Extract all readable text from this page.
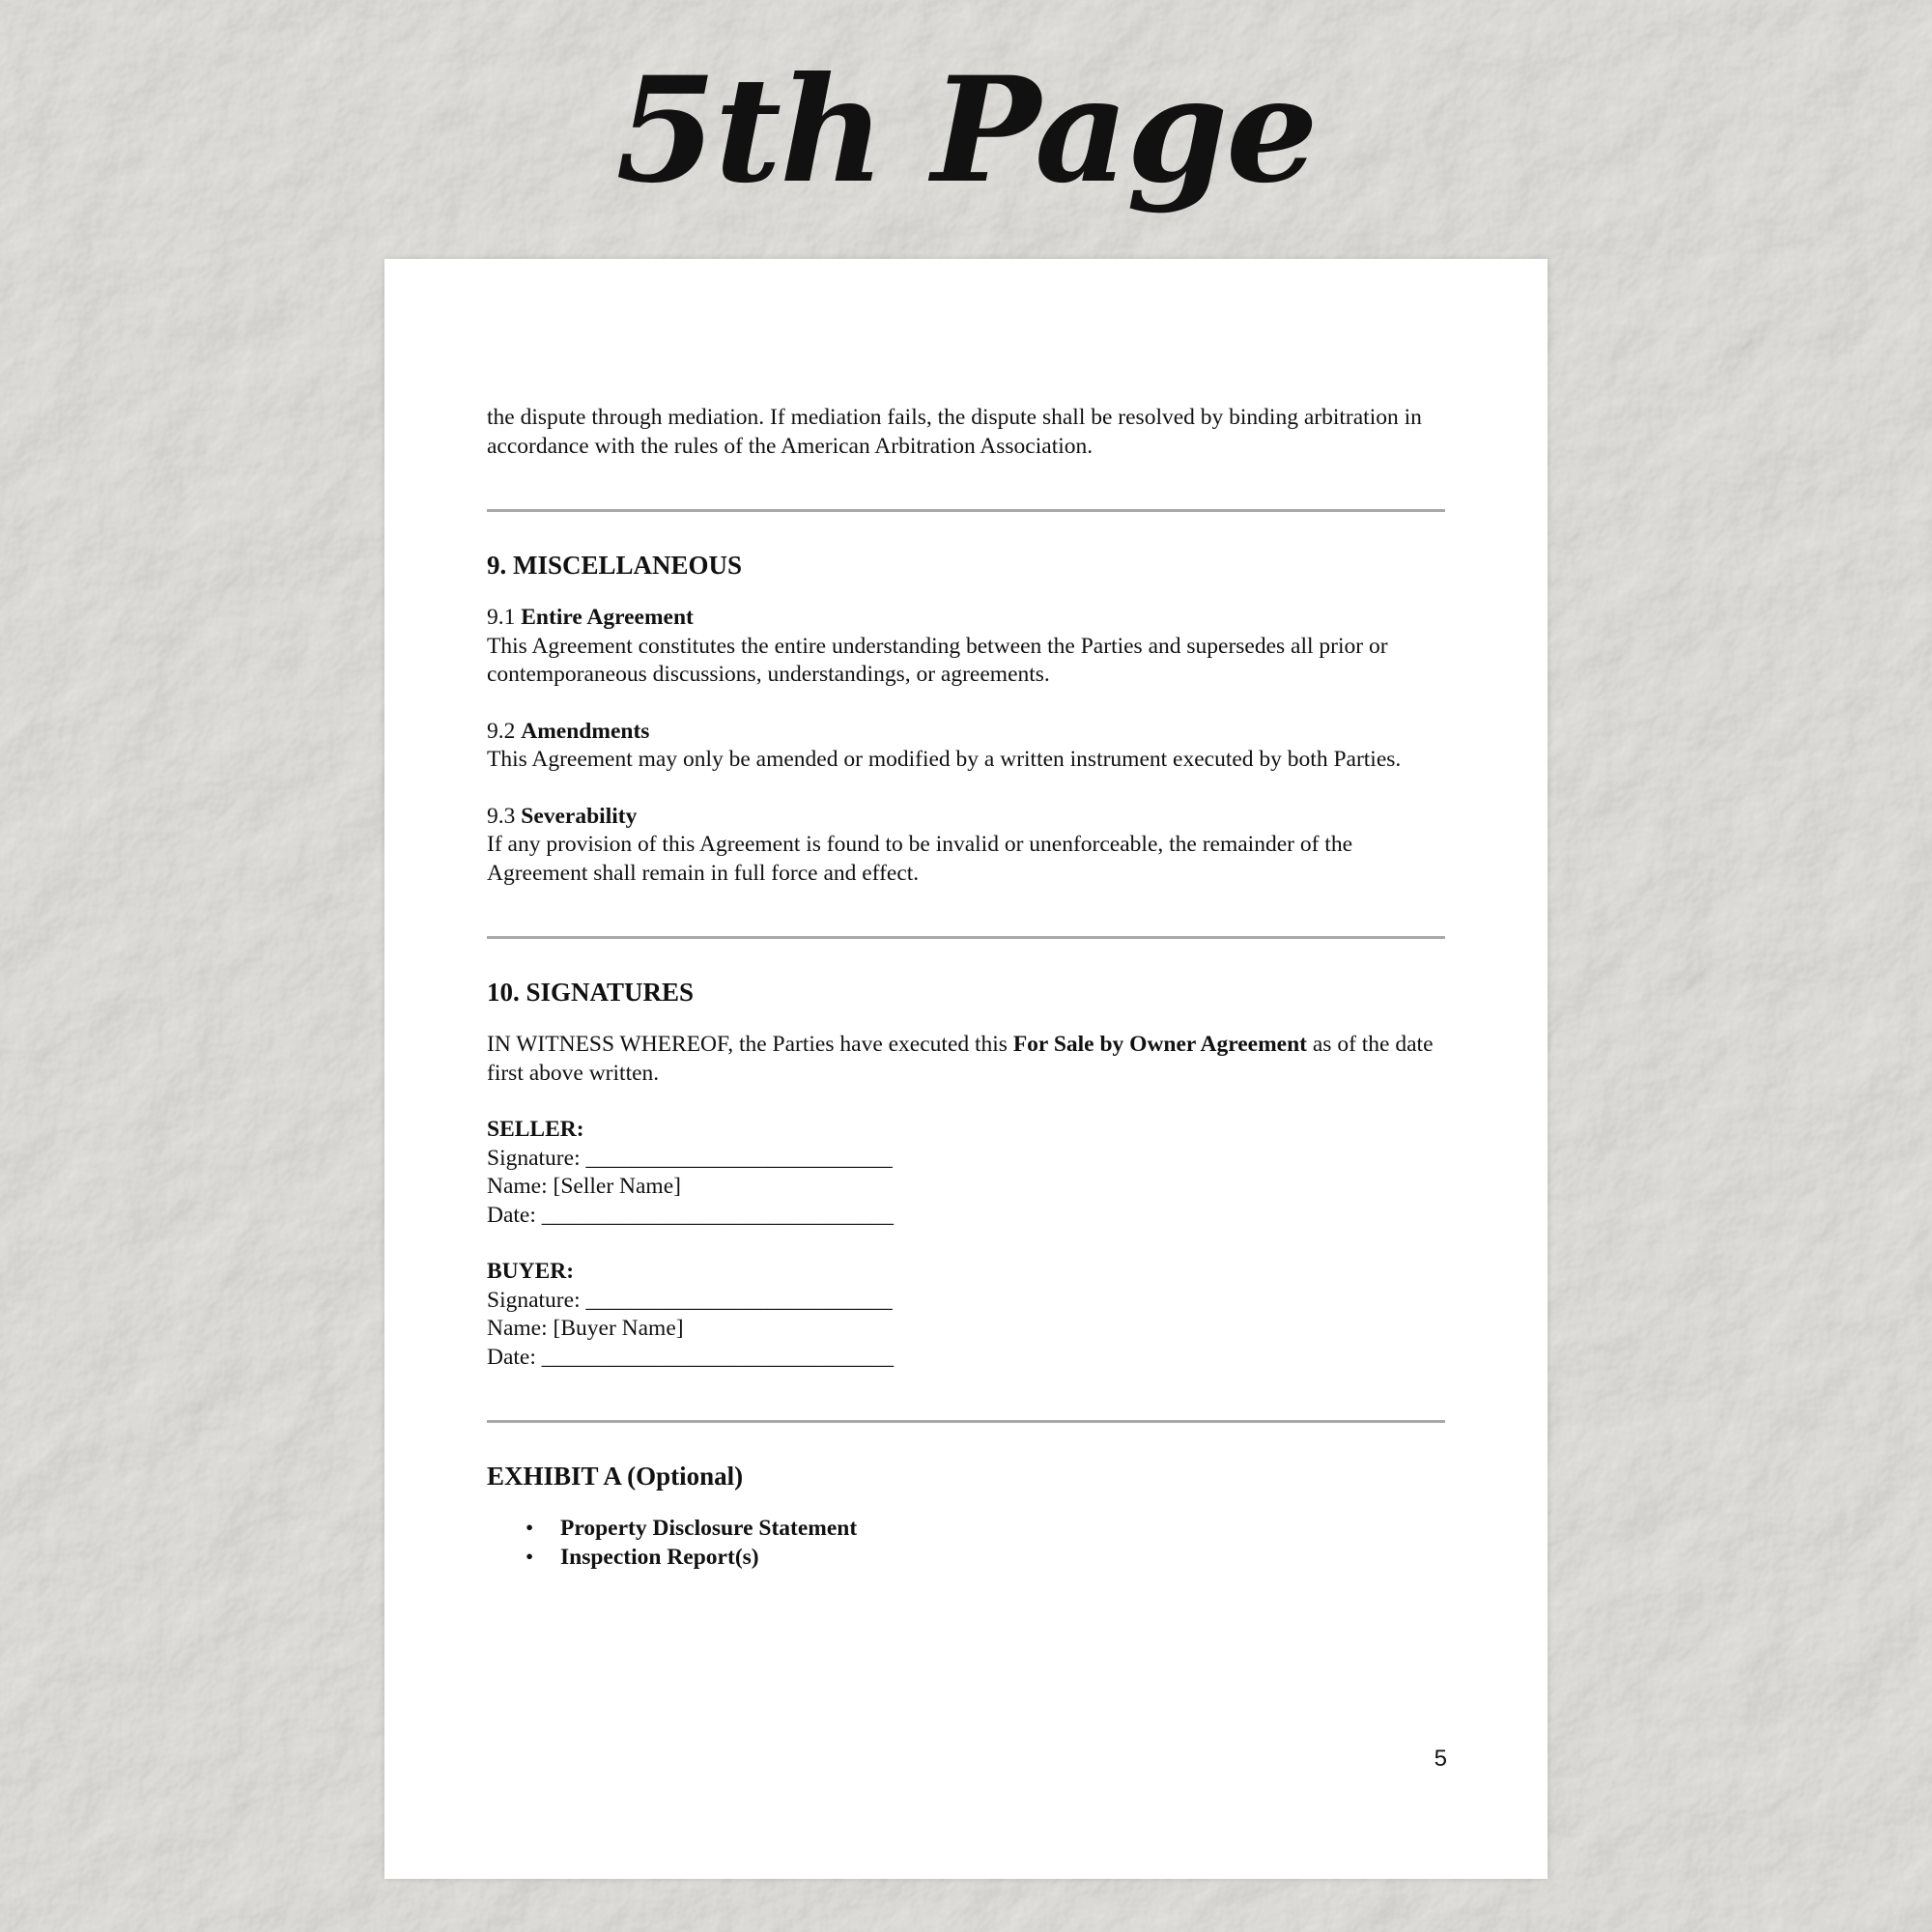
5th Page

the dispute through mediation. If mediation fails, the dispute shall be resolved by binding arbitration in accordance with the rules of the American Arbitration Association.

9. MISCELLANEOUS

9.1 Entire Agreement

This Agreement constitutes the entire understanding between the Parties and supersedes all prior or contemporaneous discussions, understandings, or agreements.

9.2 Amendments

This Agreement may only be amended or modified by a written instrument executed by both Parties.

9.3 Severability

If any provision of this Agreement is found to be invalid or unenforceable, the remainder of the Agreement shall remain in full force and effect.

10. SIGNATURES

IN WITNESS WHEREOF, the Parties have executed this For Sale by Owner Agreement as of the date first above written.

SELLER:

Signature: ___________________________

Name: [Seller Name]

Date: _______________________________

BUYER:

Signature: ___________________________

Name: [Buyer Name]

Date: _______________________________

EXHIBIT A (Optional)

• Property Disclosure Statement
• Inspection Report(s)
5
